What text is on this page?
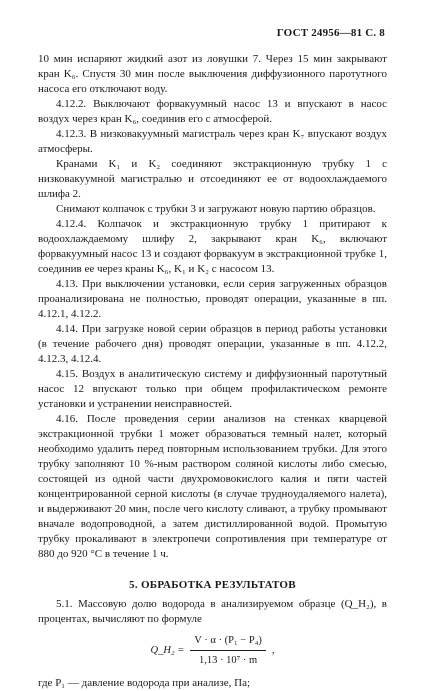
ГОСТ 24956—81 С. 8

10 мин испаряют жидкий азот из ловушки 7. Через 15 мин закрывают кран K₆. Спустя 30 мин после выключения диффузионного паротутного насоса его отключают воду.

4.12.2. Выключают форвакуумный насос 13 и впускают в насос воздух через кран K₆, соединив его с атмосферой.

4.12.3. В низковакуумный магистраль через кран K₇ впускают воздух атмосферы.

Кранами K₁ и K₂ соединяют экстракционную трубку 1 с низковакуумной магистралью и отсоединяют ее от водоохлаждаемого шлифа 2.

Снимают колпачок с трубки 3 и загружают новую партию образцов.

4.12.4. Колпачок и экстракционную трубку 1 притирают к водоохлаждаемому шлифу 2, закрывают кран K₆, включают форвакуумный насос 13 и создают форвакуум в экстракционной трубке 1, соединив ее через краны K₆, K₁ и K₂ с насосом 13.

4.13. При выключении установки, если серия загруженных образцов проанализирована не полностью, проводят операции, указанные в пп. 4.12.1, 4.12.2.

4.14. При загрузке новой серии образцов в период работы установки (в течение рабочего дня) проводят операции, указанные в пп. 4.12.2, 4.12.3, 4.12.4.

4.15. Воздух в аналитическую систему и диффузионный паротутный насос 12 впускают только при общем профилактическом ремонте установки и устранении неисправностей.

4.16. После проведения серии анализов на стенках кварцевой экстракционной трубки 1 может образоваться темный налет, который необходимо удалить перед повторным использованием трубки. Для этого трубку заполняют 10 %-ным раствором соляной кислоты либо смесью, состоящей из одной части двухромовокислого калия и пяти частей концентрированной серной кислоты (в случае труднoудаляемого налета), и выдерживают 20 мин, после чего кислоту сливают, а трубку промывают вначале водопроводной, а затем дистиллированной водой. Промытую трубку прокаливают в электропечи сопротивления при температуре от 880 до 920 °С в течение 1 ч.

5. ОБРАБОТКА РЕЗУЛЬТАТОВ

5.1. Массовую долю водорода в анализируемом образце (Q_H₂), в процентах, вычисляют по формуле

Q_H₂ = $\frac{\text{V · α · (P₁ − P₄)}}{\text{1,13 · 10⁷ · m}}$ ,

где P₁ — давление водорода при анализе, Па;
